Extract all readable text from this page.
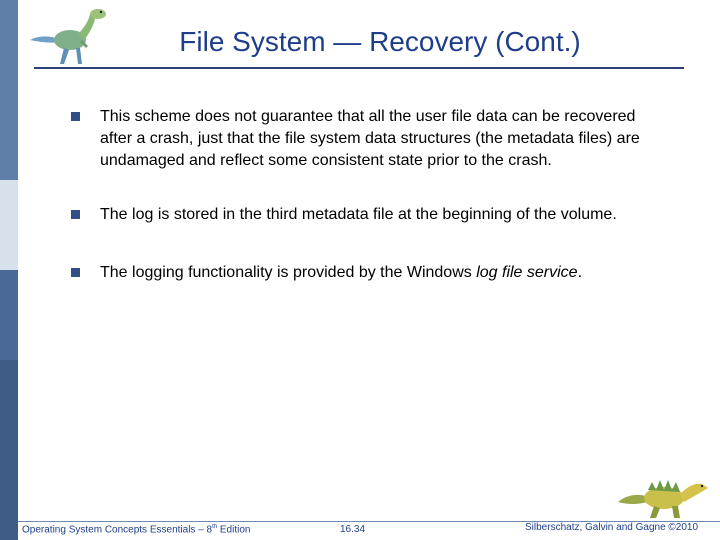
File System — Recovery (Cont.)
This scheme does not guarantee that all the user file data can be recovered after a crash, just that the file system data structures (the metadata files) are undamaged and reflect some consistent state prior to the crash.
The log is stored in the third metadata file at the beginning of the volume.
The logging functionality is provided by the Windows log file service.
Operating System Concepts Essentials – 8th Edition	16.34	Silberschatz, Galvin and Gagne ©2010
